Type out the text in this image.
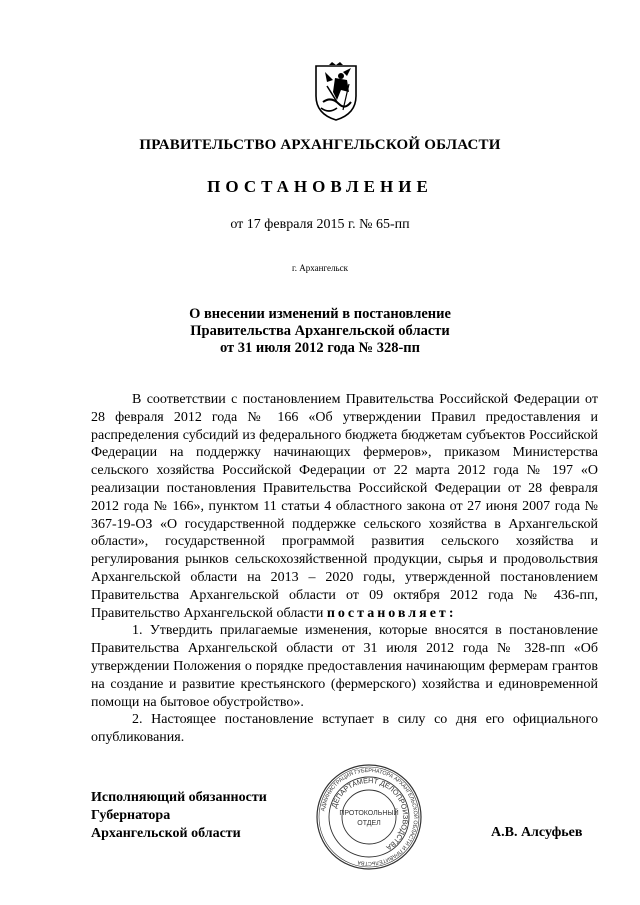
ПРАВИТЕЛЬСТВО АРХАНГЕЛЬСКОЙ ОБЛАСТИ
ПОСТАНОВЛЕНИЕ
от 17 февраля 2015 г. № 65-пп
г. Архангельск
О внесении изменений в постановление
Правительства Архангельской области
от 31 июля 2012 года № 328-пп

В соответствии с постановлением Правительства Российской Федерации от 28 февраля 2012 года № 166 «Об утверждении Правил предоставления и распределения субсидий из федерального бюджета бюджетам субъектов Российской Федерации на поддержку начинающих фермеров», приказом Министерства сельского хозяйства Российской Федерации от 22 марта 2012 года № 197 «О реализации постановления Правительства Российской Федерации от 28 февраля 2012 года № 166», пунктом 11 статьи 4 областного закона от 27 июня 2007 года № 367-19-ОЗ «О государственной поддержке сельского хозяйства в Архангельской области», государственной программой развития сельского хозяйства и регулирования рынков сельскохозяйственной продукции, сырья и продовольствия Архангельской области на 2013 – 2020 годы, утвержденной постановлением Правительства Архангельской области от 09 октября 2012 года № 436-пп, Правительство Архангельской области постановляет:

1. Утвердить прилагаемые изменения, которые вносятся в постановление Правительства Архангельской области от 31 июля 2012 года № 328-пп «Об утверждении Положения о порядке предоставления начинающим фермерам грантов на создание и развитие крестьянского (фермерского) хозяйства и единовременной помощи на бытовое обустройство».

2. Настоящее постановление вступает в силу со дня его официального опубликования.

Исполняющий обязанности
Губернатора
Архангельской области
АДМИНИСТРАЦИЯ ГУБЕРНАТОРА АРХАНГЕЛЬСКОЙ ОБЛАСТИ И ПРАВИТЕЛЬСТВА
ДЕПАРТАМЕНТ ДЕЛОПРОИЗВОДСТВА
ПРОТОКОЛЬНЫЙ
ОТДЕЛ
А.В. Алсуфьев
